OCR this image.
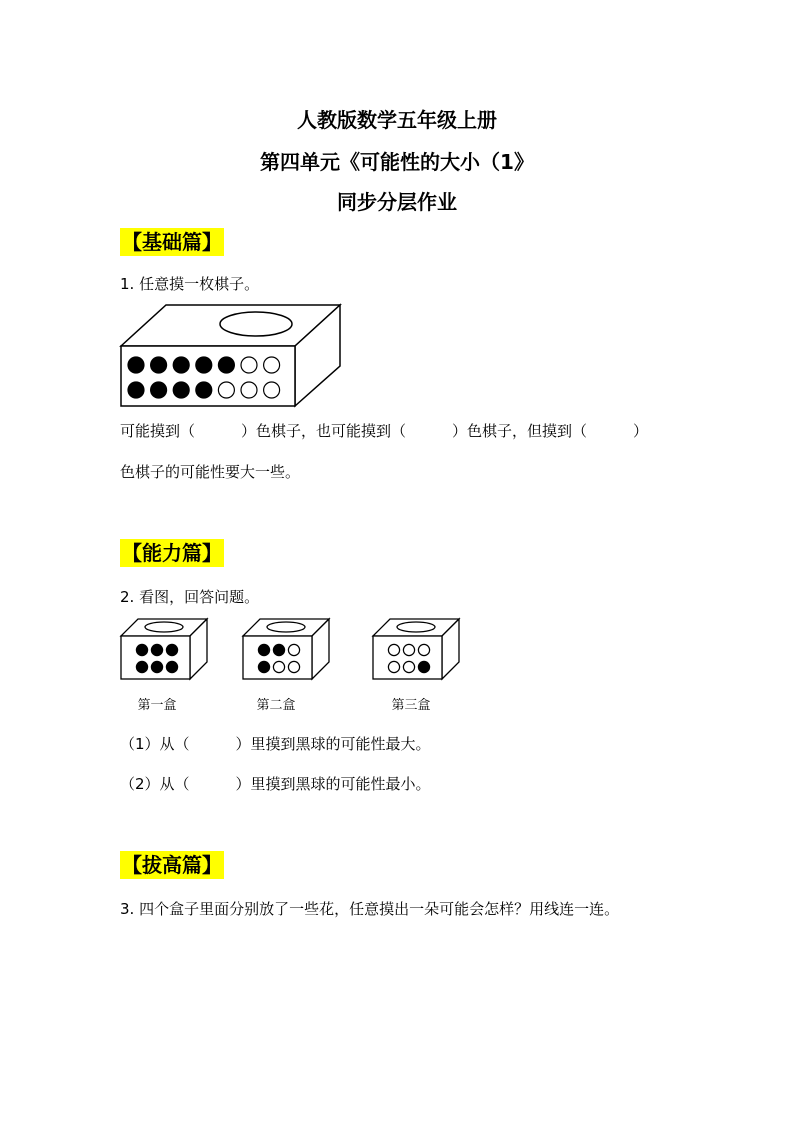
人教版数学五年级上册
第四单元《可能性的大小（1》
同步分层作业
【基础篇】
1. 任意摸一枚棋子。
可能摸到（	）色棋子，也可能摸到（	）色棋子，但摸到（	）
色棋子的可能性要大一些。
【能力篇】
2. 看图，回答问题。
第一盒	第二盒	第三盒
（1）从（	）里摸到黑球的可能性最大。
（2）从（	）里摸到黑球的可能性最小。
【拔高篇】
3. 四个盒子里面分别放了一些花，任意摸出一朵可能会怎样？用线连一连。
